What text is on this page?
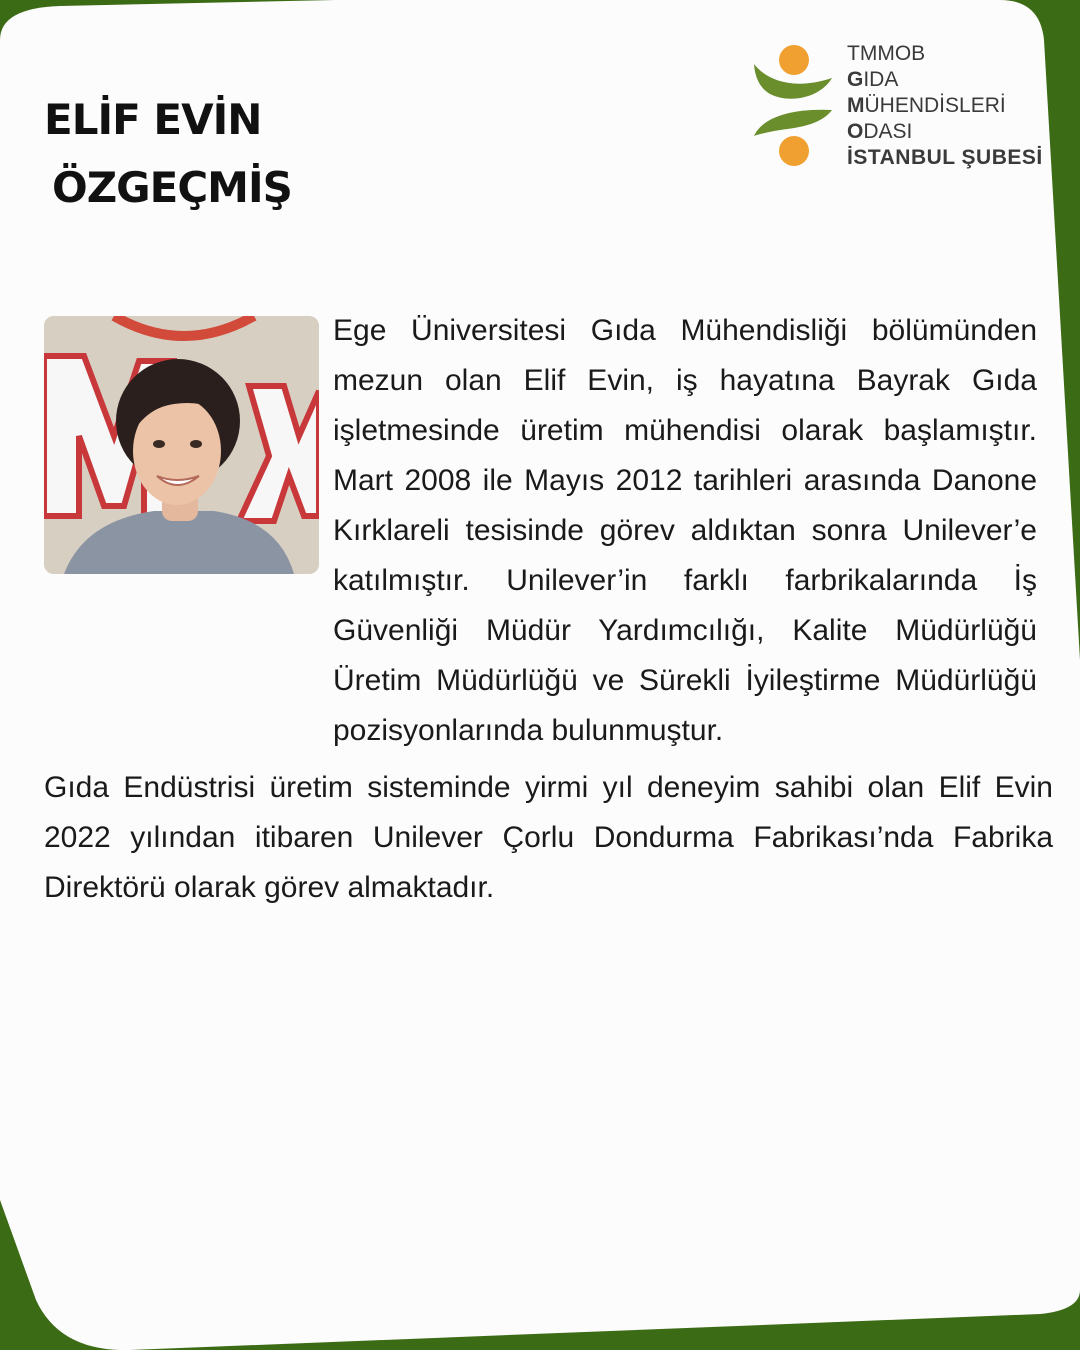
ELİF EVİN
ÖZGEÇMİŞ
TMMOB
GIDA
MÜHENDİSLERİ
ODASI
İSTANBUL ŞUBESİ

Ege Üniversitesi Gıda Mühendisliği bölümünden mezun olan Elif Evin, iş hayatına Bayrak Gıda işletmesinde üretim mühendisi olarak başlamıştır. Mart 2008 ile Mayıs 2012 tarihleri arasında Danone Kırklareli tesisinde görev aldıktan sonra Unilever’e katılmıştır. Unilever’in farklı farbrikalarında İş Güvenliği Müdür Yardımcılığı, Kalite Müdürlüğü Üretim Müdürlüğü ve Sürekli İyileştirme Müdürlüğü pozisyonlarında bulunmuştur.

Gıda Endüstrisi üretim sisteminde yirmi yıl deneyim sahibi olan Elif Evin 2022 yılından itibaren Unilever Çorlu Dondurma Fabrikası’nda Fabrika Direktörü olarak görev almaktadır.
